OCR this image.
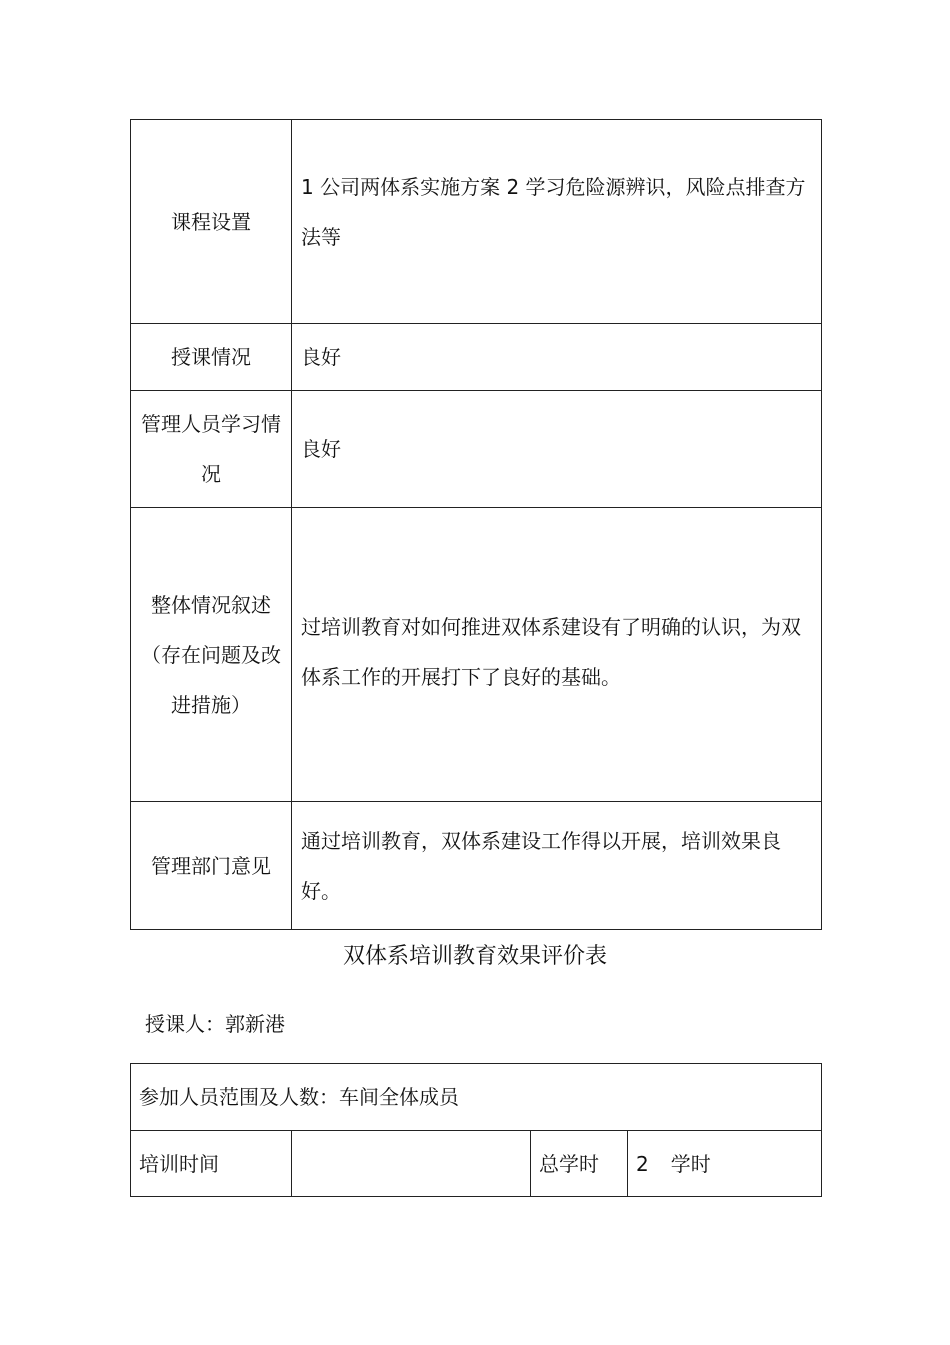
课程设置	1 公司两体系实施方案 2 学习危险源辨识，风险点排查方法等
授课情况	良好
管理人员学习情况	良好
整体情况叙述（存在问题及改进措施）	过培训教育对如何推进双体系建设有了明确的认识，为双体系工作的开展打下了良好的基础。
管理部门意见	通过培训教育，双体系建设工作得以开展，培训效果良好。
双体系培训教育效果评价表
授课人：郭新港
参加人员范围及人数：车间全体成员
培训时间		总学时	2 学时
